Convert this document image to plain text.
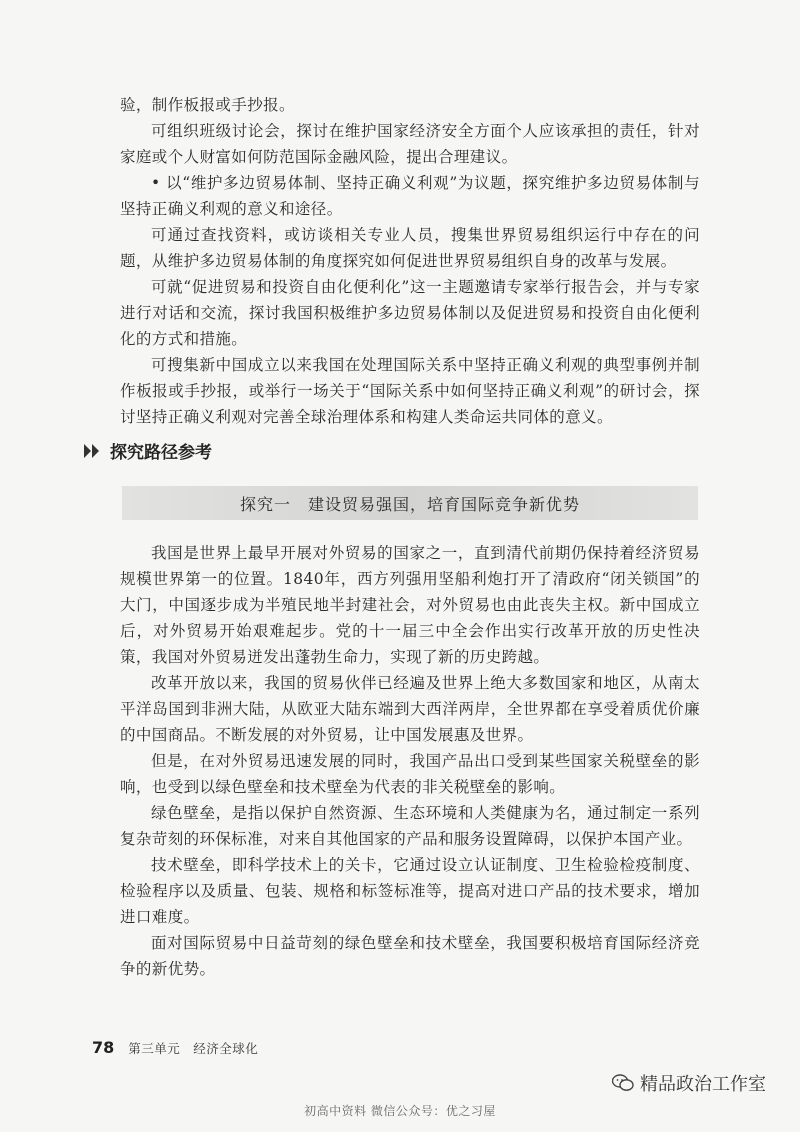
验，制作板报或手抄报。

可组织班级讨论会，探讨在维护国家经济安全方面个人应该承担的责任，针对家庭或个人财富如何防范国际金融风险，提出合理建议。

• 以“维护多边贸易体制、坚持正确义利观”为议题，探究维护多边贸易体制与坚持正确义利观的意义和途径。

可通过查找资料，或访谈相关专业人员，搜集世界贸易组织运行中存在的问题，从维护多边贸易体制的角度探究如何促进世界贸易组织自身的改革与发展。

可就“促进贸易和投资自由化便利化”这一主题邀请专家举行报告会，并与专家进行对话和交流，探讨我国积极维护多边贸易体制以及促进贸易和投资自由化便利化的方式和措施。

可搜集新中国成立以来我国在处理国际关系中坚持正确义利观的典型事例并制作板报或手抄报，或举行一场关于“国际关系中如何坚持正确义利观”的研讨会，探讨坚持正确义利观对完善全球治理体系和构建人类命运共同体的意义。

探究路径参考
探究一　建设贸易强国，培育国际竞争新优势

我国是世界上最早开展对外贸易的国家之一，直到清代前期仍保持着经济贸易规模世界第一的位置。1840年，西方列强用坚船利炮打开了清政府“闭关锁国”的大门，中国逐步成为半殖民地半封建社会，对外贸易也由此丧失主权。新中国成立后，对外贸易开始艰难起步。党的十一届三中全会作出实行改革开放的历史性决策，我国对外贸易迸发出蓬勃生命力，实现了新的历史跨越。

改革开放以来，我国的贸易伙伴已经遍及世界上绝大多数国家和地区，从南太平洋岛国到非洲大陆，从欧亚大陆东端到大西洋两岸，全世界都在享受着质优价廉的中国商品。不断发展的对外贸易，让中国发展惠及世界。

但是，在对外贸易迅速发展的同时，我国产品出口受到某些国家关税壁垒的影响，也受到以绿色壁垒和技术壁垒为代表的非关税壁垒的影响。

绿色壁垒，是指以保护自然资源、生态环境和人类健康为名，通过制定一系列复杂苛刻的环保标准，对来自其他国家的产品和服务设置障碍，以保护本国产业。

技术壁垒，即科学技术上的关卡，它通过设立认证制度、卫生检验检疫制度、检验程序以及质量、包装、规格和标签标准等，提高对进口产品的技术要求，增加进口难度。

面对国际贸易中日益苛刻的绿色壁垒和技术壁垒，我国要积极培育国际经济竞争的新优势。

78 第三单元　经济全球化
精品政治工作室
初高中资料 微信公众号：优之习屋
